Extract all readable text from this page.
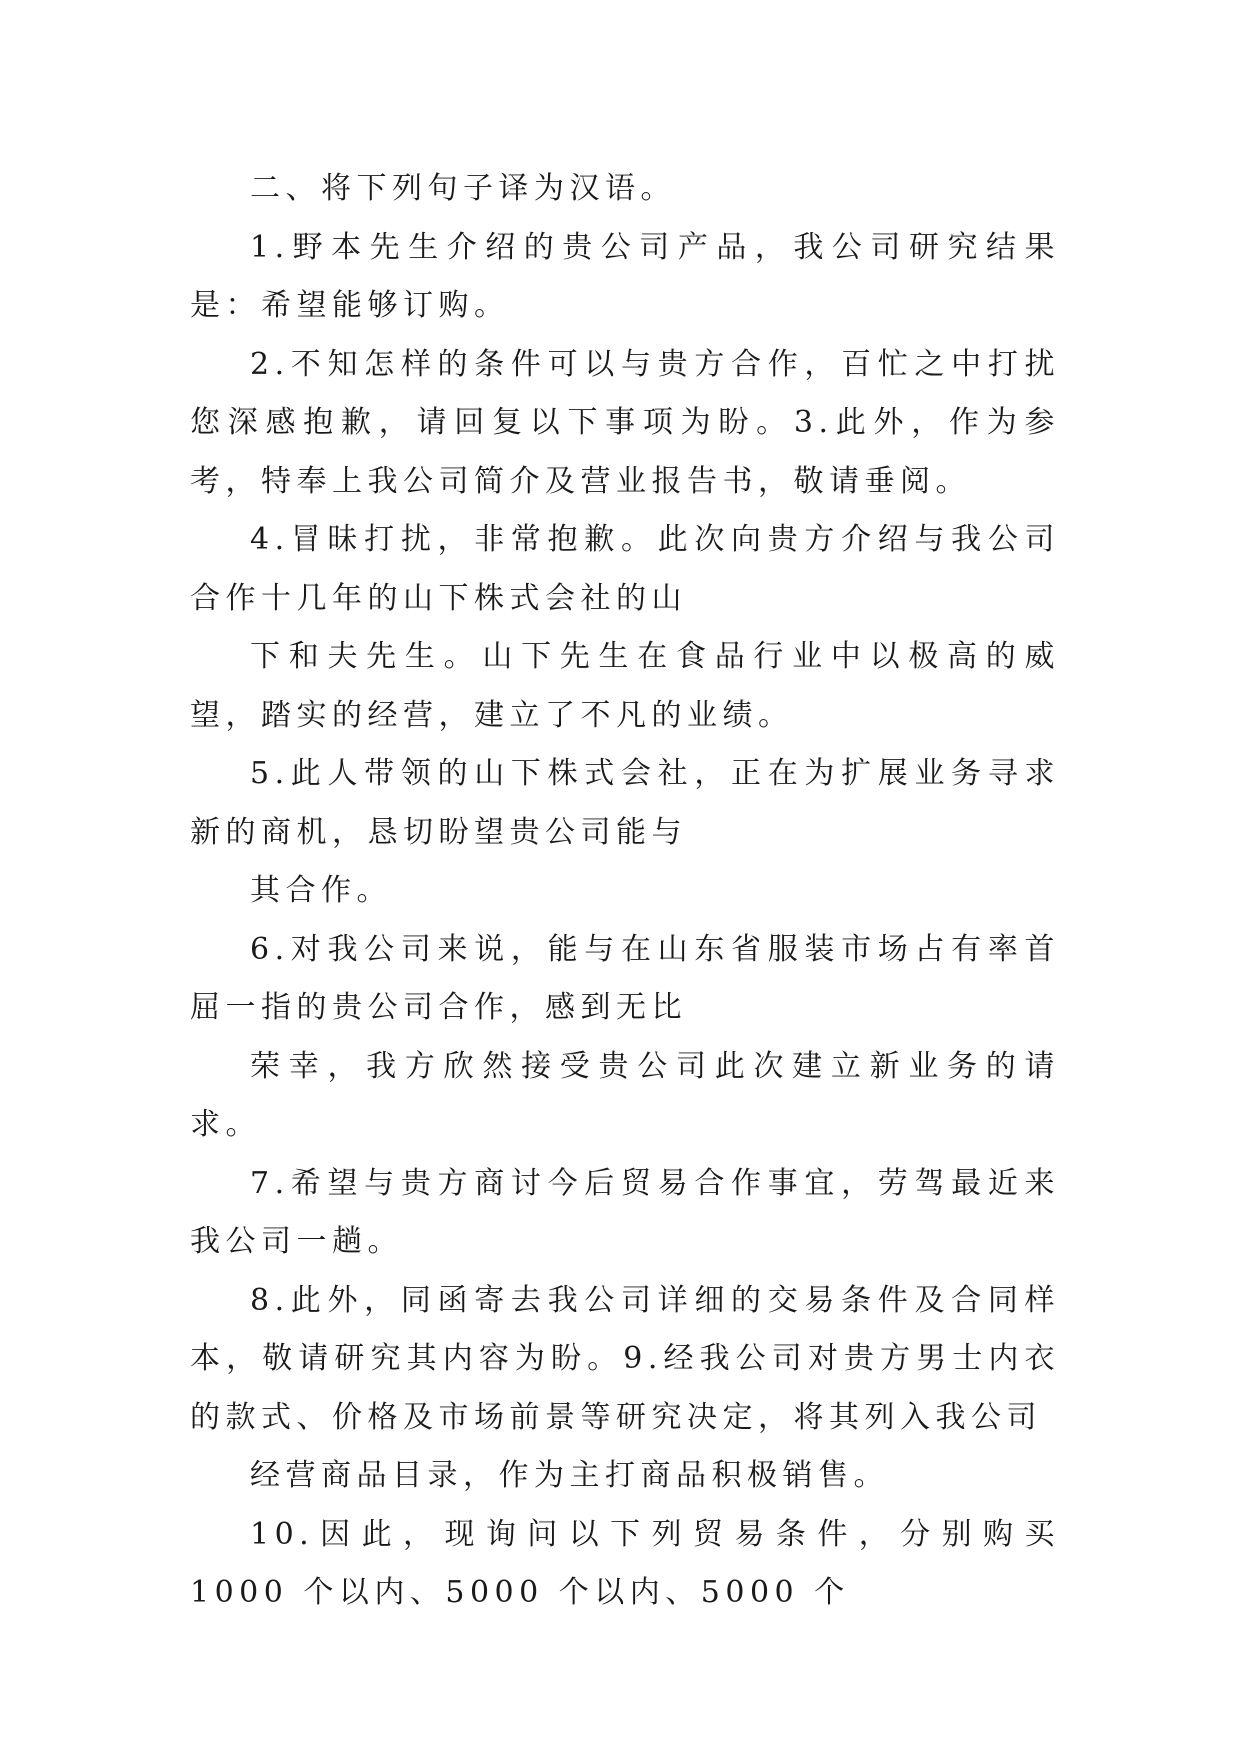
二、将下列句子译为汉语。

1.野本先生介绍的贵公司产品，我公司研究结果是：希望能够订购。

2.不知怎样的条件可以与贵方合作，百忙之中打扰您深感抱歉，请回复以下事项为盼。3.此外，作为参考，特奉上我公司简介及营业报告书，敬请垂阅。

4.冒昧打扰，非常抱歉。此次向贵方介绍与我公司合作十几年的山下株式会社的山

下和夫先生。山下先生在食品行业中以极高的威望，踏实的经营，建立了不凡的业绩。

5.此人带领的山下株式会社，正在为扩展业务寻求新的商机，恳切盼望贵公司能与

其合作。

6.对我公司来说，能与在山东省服装市场占有率首屈一指的贵公司合作，感到无比

荣幸，我方欣然接受贵公司此次建立新业务的请求。

7.希望与贵方商讨今后贸易合作事宜，劳驾最近来我公司一趟。

8.此外，同函寄去我公司详细的交易条件及合同样本，敬请研究其内容为盼。9.经我公司对贵方男士内衣的款式、价格及市场前景等研究决定，将其列入我公司

经营商品目录，作为主打商品积极销售。

10.因此，现询问以下列贸易条件，分别购买 1000 个以内、5000 个以内、5000 个
